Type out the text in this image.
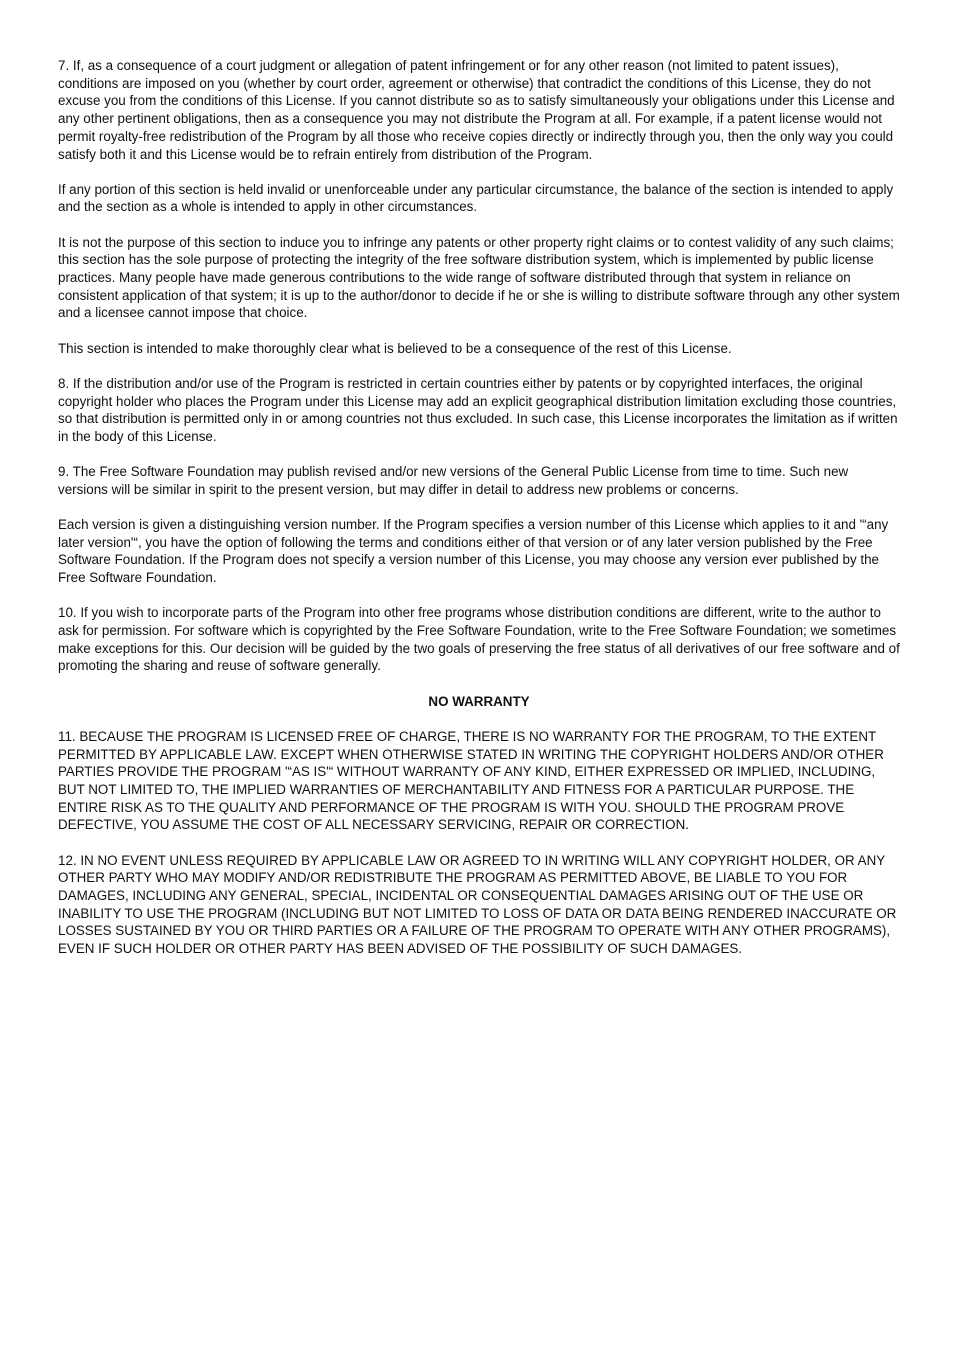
7. If, as a consequence of a court judgment or allegation of patent infringement or for any other reason (not limited to patent issues), conditions are imposed on you (whether by court order, agreement or otherwise) that contradict the conditions of this License, they do not excuse you from the conditions of this License. If you cannot distribute so as to satisfy simultaneously your obligations under this License and any other pertinent obligations, then as a consequence you may not distribute the Program at all. For example, if a patent license would not permit royalty-free redistribution of the Program by all those who receive copies directly or indirectly through you, then the only way you could satisfy both it and this License would be to refrain entirely from distribution of the Program.

If any portion of this section is held invalid or unenforceable under any particular circumstance, the balance of the section is intended to apply and the section as a whole is intended to apply in other circumstances.

It is not the purpose of this section to induce you to infringe any patents or other property right claims or to contest validity of any such claims; this section has the sole purpose of protecting the integrity of the free software distribution system, which is implemented by public license practices. Many people have made generous contributions to the wide range of software distributed through that system in reliance on consistent application of that system; it is up to the author/donor to decide if he or she is willing to distribute software through any other system and a licensee cannot impose that choice.

This section is intended to make thoroughly clear what is believed to be a consequence of the rest of this License.

8. If the distribution and/or use of the Program is restricted in certain countries either by patents or by copyrighted interfaces, the original copyright holder who places the Program under this License may add an explicit geographical distribution limitation excluding those countries, so that distribution is permitted only in or among countries not thus excluded. In such case, this License incorporates the limitation as if written in the body of this License.

9. The Free Software Foundation may publish revised and/or new versions of the General Public License from time to time. Such new versions will be similar in spirit to the present version, but may differ in detail to address new problems or concerns.

Each version is given a distinguishing version number. If the Program specifies a version number of this License which applies to it and '“any later version'“, you have the option of following the terms and conditions either of that version or of any later version published by the Free Software Foundation. If the Program does not specify a version number of this License, you may choose any version ever published by the Free Software Foundation.

10. If you wish to incorporate parts of the Program into other free programs whose distribution conditions are different, write to the author to ask for permission. For software which is copyrighted by the Free Software Foundation, write to the Free Software Foundation; we sometimes make exceptions for this. Our decision will be guided by the two goals of preserving the free status of all derivatives of our free software and of promoting the sharing and reuse of software generally.

NO WARRANTY

11. BECAUSE THE PROGRAM IS LICENSED FREE OF CHARGE, THERE IS NO WARRANTY FOR THE PROGRAM, TO THE EXTENT PERMITTED BY APPLICABLE LAW. EXCEPT WHEN OTHERWISE STATED IN WRITING THE COPYRIGHT HOLDERS AND/OR OTHER PARTIES PROVIDE THE PROGRAM '“AS IS'“ WITHOUT WARRANTY OF ANY KIND, EITHER EXPRESSED OR IMPLIED, INCLUDING, BUT NOT LIMITED TO, THE IMPLIED WARRANTIES OF MERCHANTABILITY AND FITNESS FOR A PARTICULAR PURPOSE. THE ENTIRE RISK AS TO THE QUALITY AND PERFORMANCE OF THE PROGRAM IS WITH YOU. SHOULD THE PROGRAM PROVE DEFECTIVE, YOU ASSUME THE COST OF ALL NECESSARY SERVICING, REPAIR OR CORRECTION.

12. IN NO EVENT UNLESS REQUIRED BY APPLICABLE LAW OR AGREED TO IN WRITING WILL ANY COPYRIGHT HOLDER, OR ANY OTHER PARTY WHO MAY MODIFY AND/OR REDISTRIBUTE THE PROGRAM AS PERMITTED ABOVE, BE LIABLE TO YOU FOR DAMAGES, INCLUDING ANY GENERAL, SPECIAL, INCIDENTAL OR CONSEQUENTIAL DAMAGES ARISING OUT OF THE USE OR INABILITY TO USE THE PROGRAM (INCLUDING BUT NOT LIMITED TO LOSS OF DATA OR DATA BEING RENDERED INACCURATE OR LOSSES SUSTAINED BY YOU OR THIRD PARTIES OR A FAILURE OF THE PROGRAM TO OPERATE WITH ANY OTHER PROGRAMS), EVEN IF SUCH HOLDER OR OTHER PARTY HAS BEEN ADVISED OF THE POSSIBILITY OF SUCH DAMAGES.
